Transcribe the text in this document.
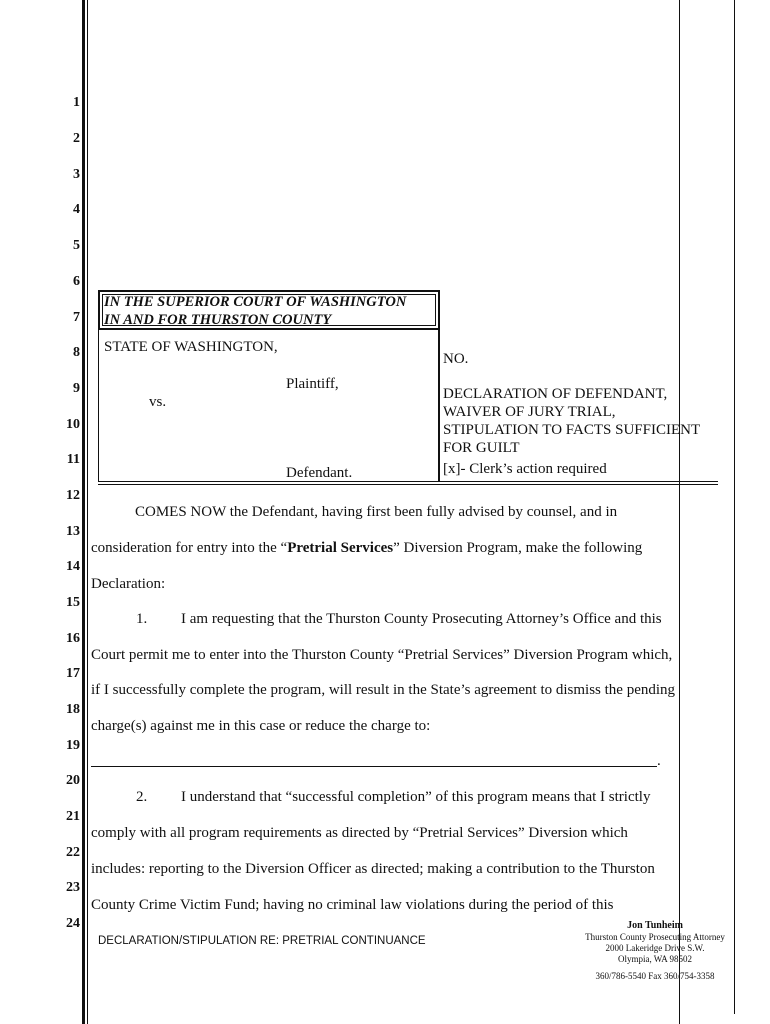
1
2
3
4
5
6
7
8
9
10
11
12
13
14
15
16
17
18
19
20
21
22
23
24
IN THE SUPERIOR COURT OF WASHINGTON
IN AND FOR THURSTON COUNTY
STATE OF WASHINGTON,
Plaintiff,
vs.
Defendant.
NO.
DECLARATION OF DEFENDANT,
WAIVER OF JURY TRIAL,
STIPULATION TO FACTS SUFFICIENT
FOR GUILT
[x]- Clerk’s action required
COMES NOW the Defendant, having first been fully advised by counsel, and in
consideration for entry into the “Pretrial Services” Diversion Program, make the following
Declaration:
1. I am requesting that the Thurston County Prosecuting Attorney’s Office and this
Court permit me to enter into the Thurston County “Pretrial Services” Diversion Program which,
if I successfully complete the program, will result in the State’s agreement to dismiss the pending
charge(s) against me in this case or reduce the charge to:
.
2. I understand that “successful completion” of this program means that I strictly
comply with all program requirements as directed by “Pretrial Services” Diversion which
includes: reporting to the Diversion Officer as directed; making a contribution to the Thurston
County Crime Victim Fund; having no criminal law violations during the period of this
DECLARATION/STIPULATION RE: PRETRIAL CONTINUANCE
Jon Tunheim
Thurston County Prosecuting Attorney
2000 Lakeridge Drive S.W.
Olympia, WA 98502
360/786-5540 Fax 360/754-3358
